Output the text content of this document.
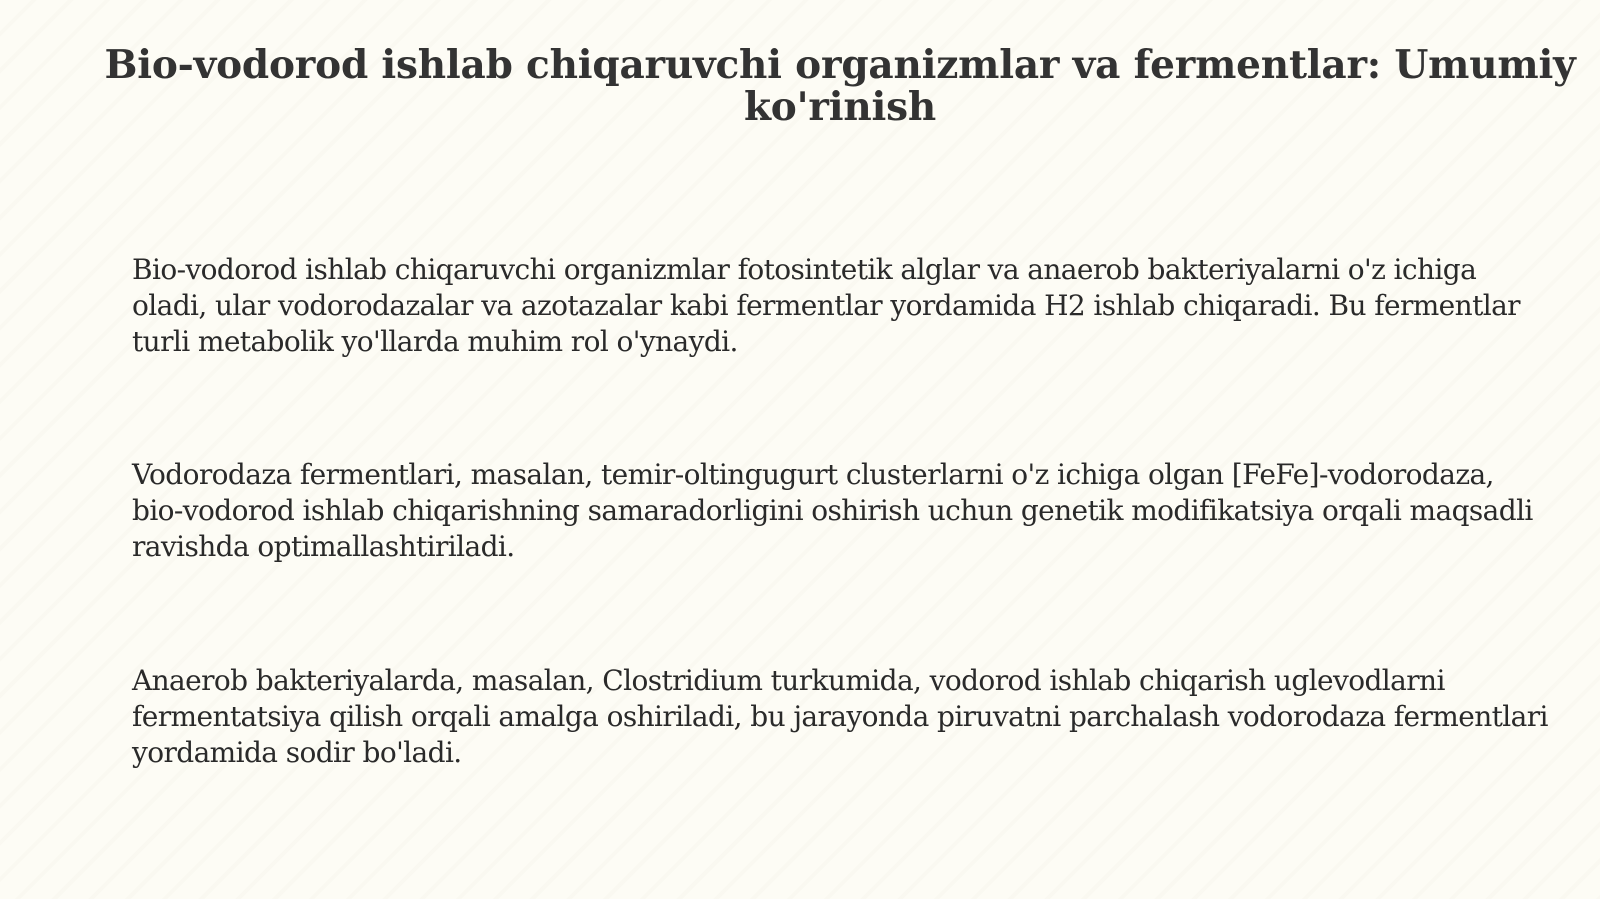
Bio-vodorod ishlab chiqaruvchi organizmlar va fermentlar: Umumiy ko'rinish

Bio-vodorod ishlab chiqaruvchi organizmlar fotosintetik alglar va anaerob bakteriyalarni o'z ichiga oladi, ular vodorodazalar va azotazalar kabi fermentlar yordamida H2 ishlab chiqaradi. Bu fermentlar turli metabolik yo'llarda muhim rol o'ynaydi.

Vodorodaza fermentlari, masalan, temir-oltingugurt clusterlarni o'z ichiga olgan [FeFe]-vodorodaza, bio-vodorod ishlab chiqarishning samaradorligini oshirish uchun genetik modifikatsiya orqali maqsadli ravishda optimallashtiriladi.

Anaerob bakteriyalarda, masalan, Clostridium turkumida, vodorod ishlab chiqarish uglevodlarni fermentatsiya qilish orqali amalga oshiriladi, bu jarayonda piruvatni parchalash vodorodaza fermentlari yordamida sodir bo'ladi.
